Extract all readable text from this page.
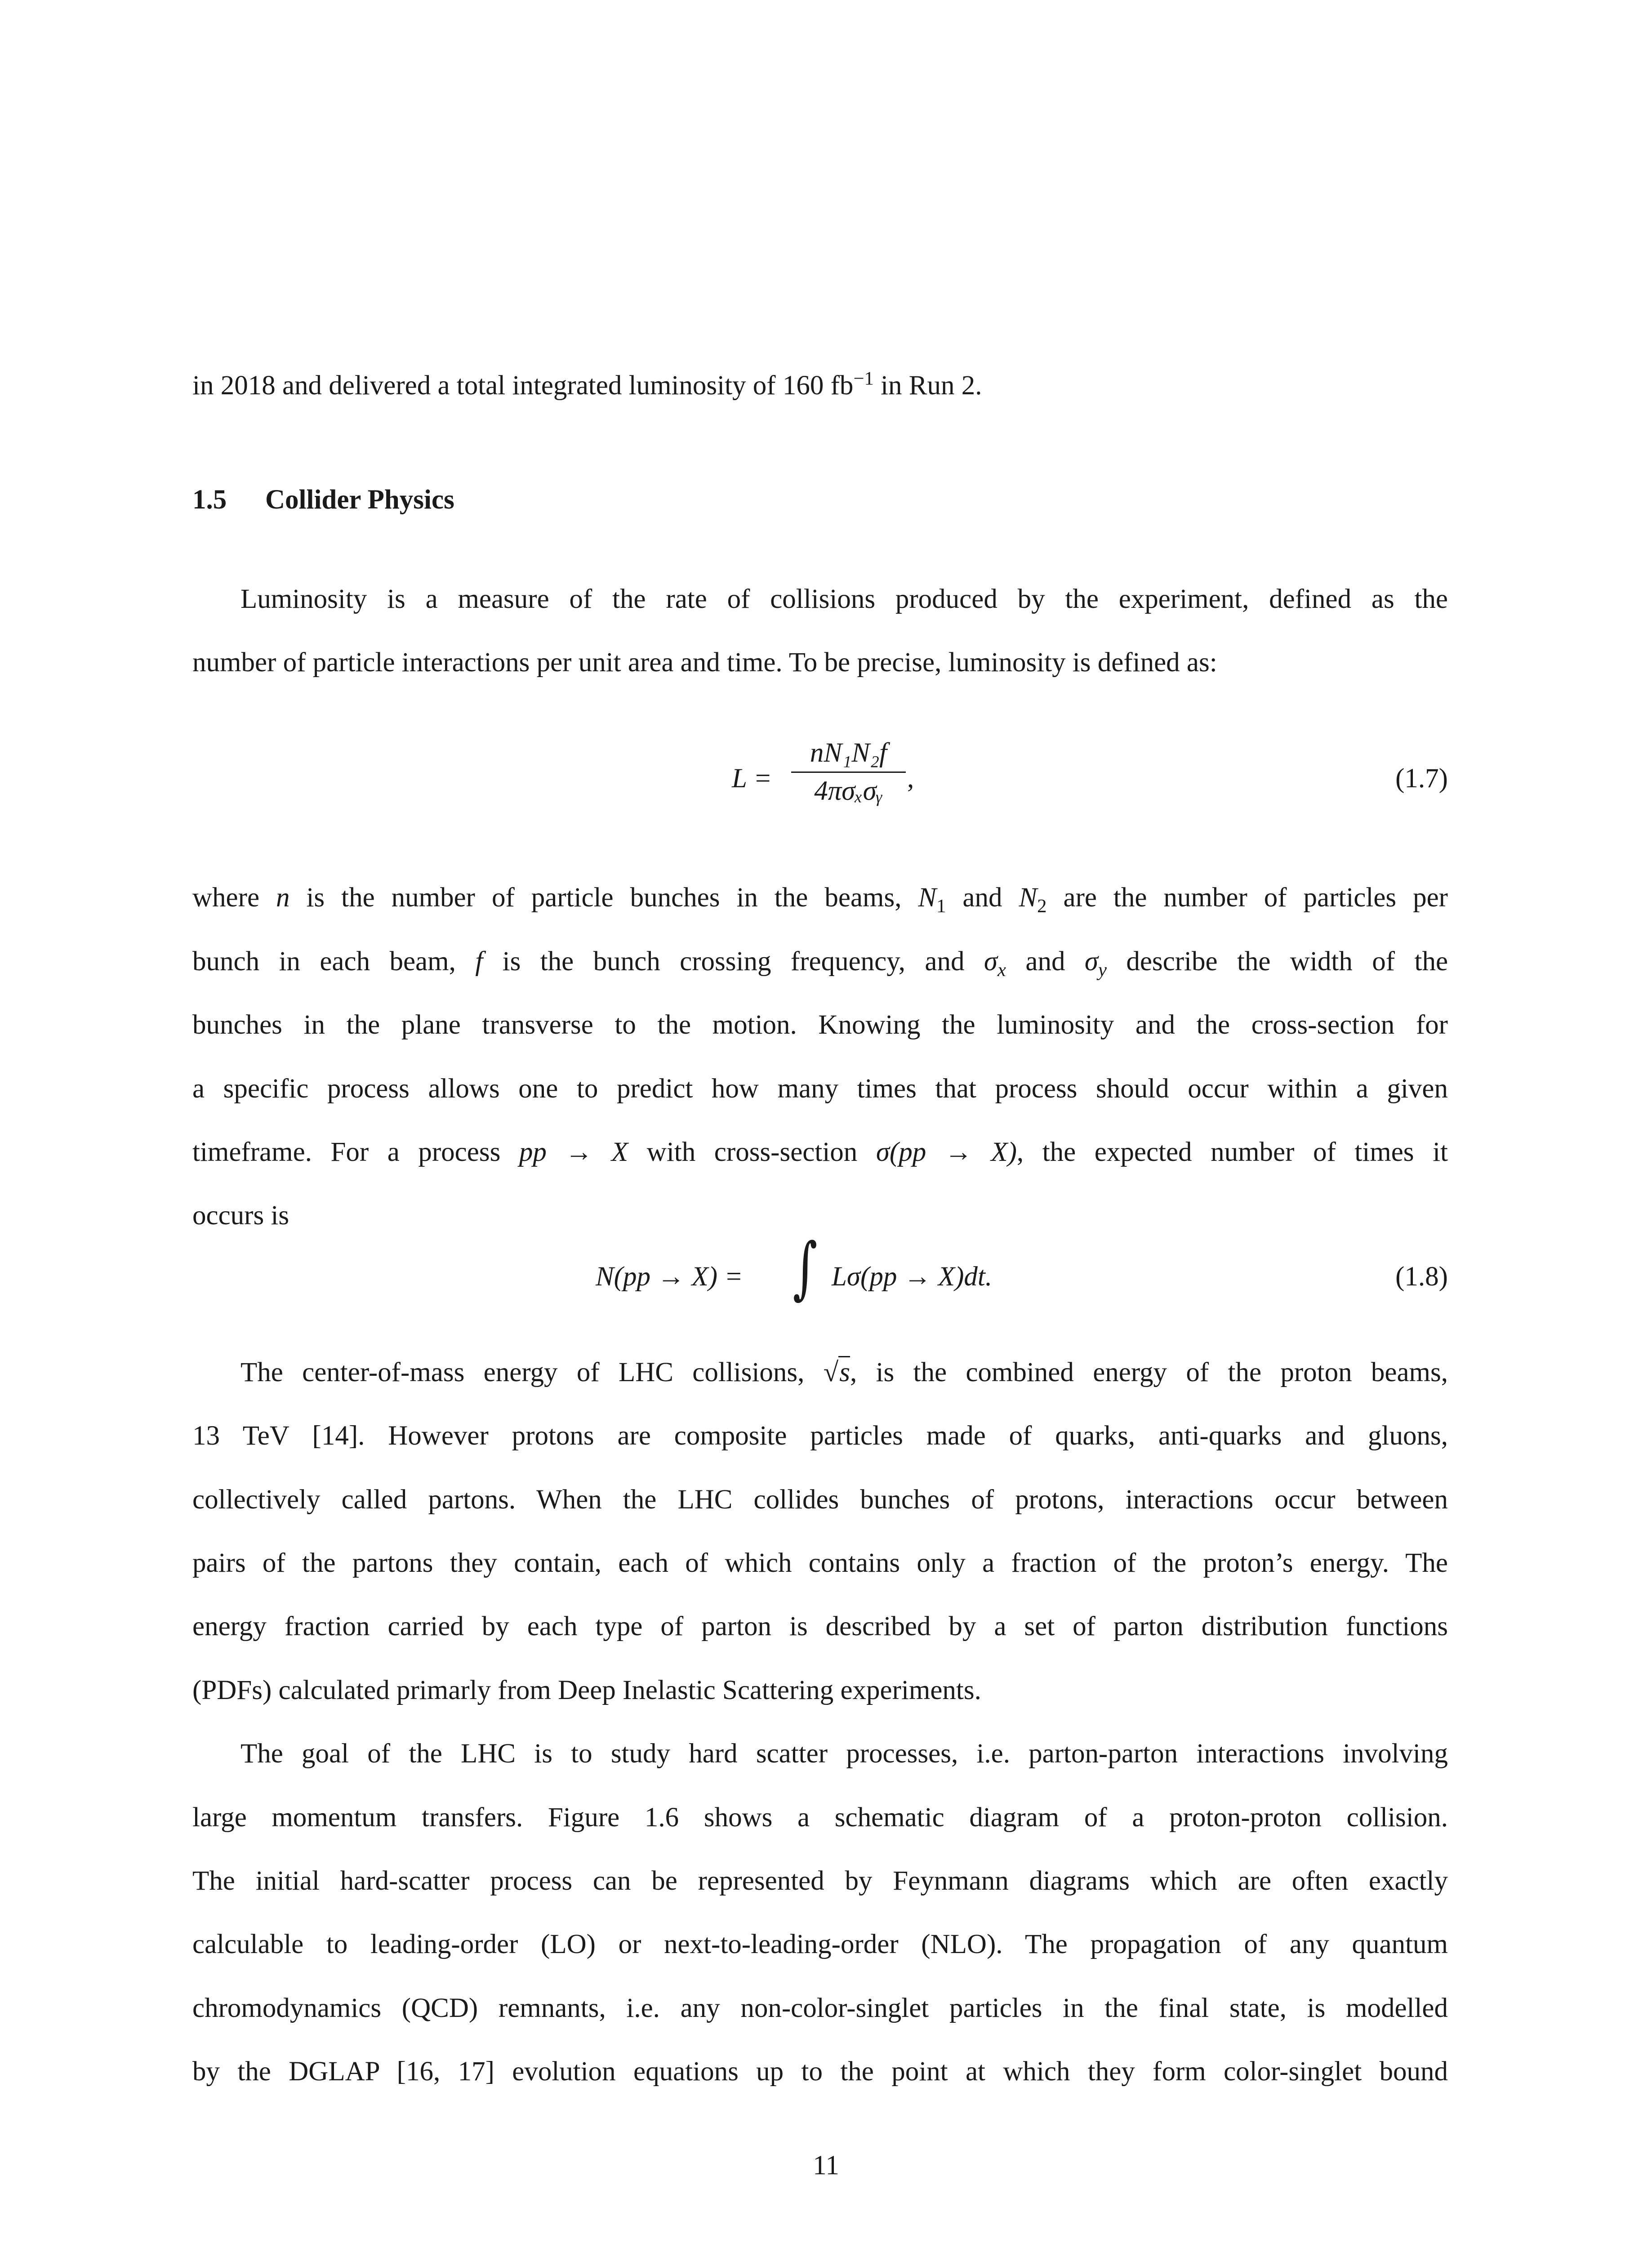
in 2018 and delivered a total integrated luminosity of 160 $fb^{-1}$ in Run 2.
1.5 Collider Physics
Luminosity is a measure of the rate of collisions produced by the experiment, defined as the
number of particle interactions per unit area and time. To be precise, luminosity is defined as:
L =
nN₁N₂f
4πσₓσᵧ ,	(1.7)
where n is the number of particle bunches in the beams, $N_1$ and $N_2$ are the number of particles per
bunch in each beam, f is the bunch crossing frequency, and $\sigma_x$ and $\sigma_y$ describe the width of the
bunches in the plane transverse to the motion. Knowing the luminosity and the cross-section for
a specific process allows one to predict how many times that process should occur within a given
timeframe. For a process pp → X with cross-section σ(pp → X), the expected number of times it
occurs is
N(pp → X) = ∫ Lσ(pp → X)dt.	(1.8)
The center-of-mass energy of LHC collisions, √s, is the combined energy of the proton beams,
13 TeV [14]. However protons are composite particles made of quarks, anti-quarks and gluons,
collectively called partons. When the LHC collides bunches of protons, interactions occur between
pairs of the partons they contain, each of which contains only a fraction of the proton’s energy. The
energy fraction carried by each type of parton is described by a set of parton distribution functions
(PDFs) calculated primarly from Deep Inelastic Scattering experiments.
The goal of the LHC is to study hard scatter processes, i.e. parton-parton interactions involving
large momentum transfers. Figure 1.6 shows a schematic diagram of a proton-proton collision.
The initial hard-scatter process can be represented by Feynmann diagrams which are often exactly
calculable to leading-order (LO) or next-to-leading-order (NLO). The propagation of any quantum
chromodynamics (QCD) remnants, i.e. any non-color-singlet particles in the final state, is modelled
by the DGLAP [16, 17] evolution equations up to the point at which they form color-singlet bound
11
